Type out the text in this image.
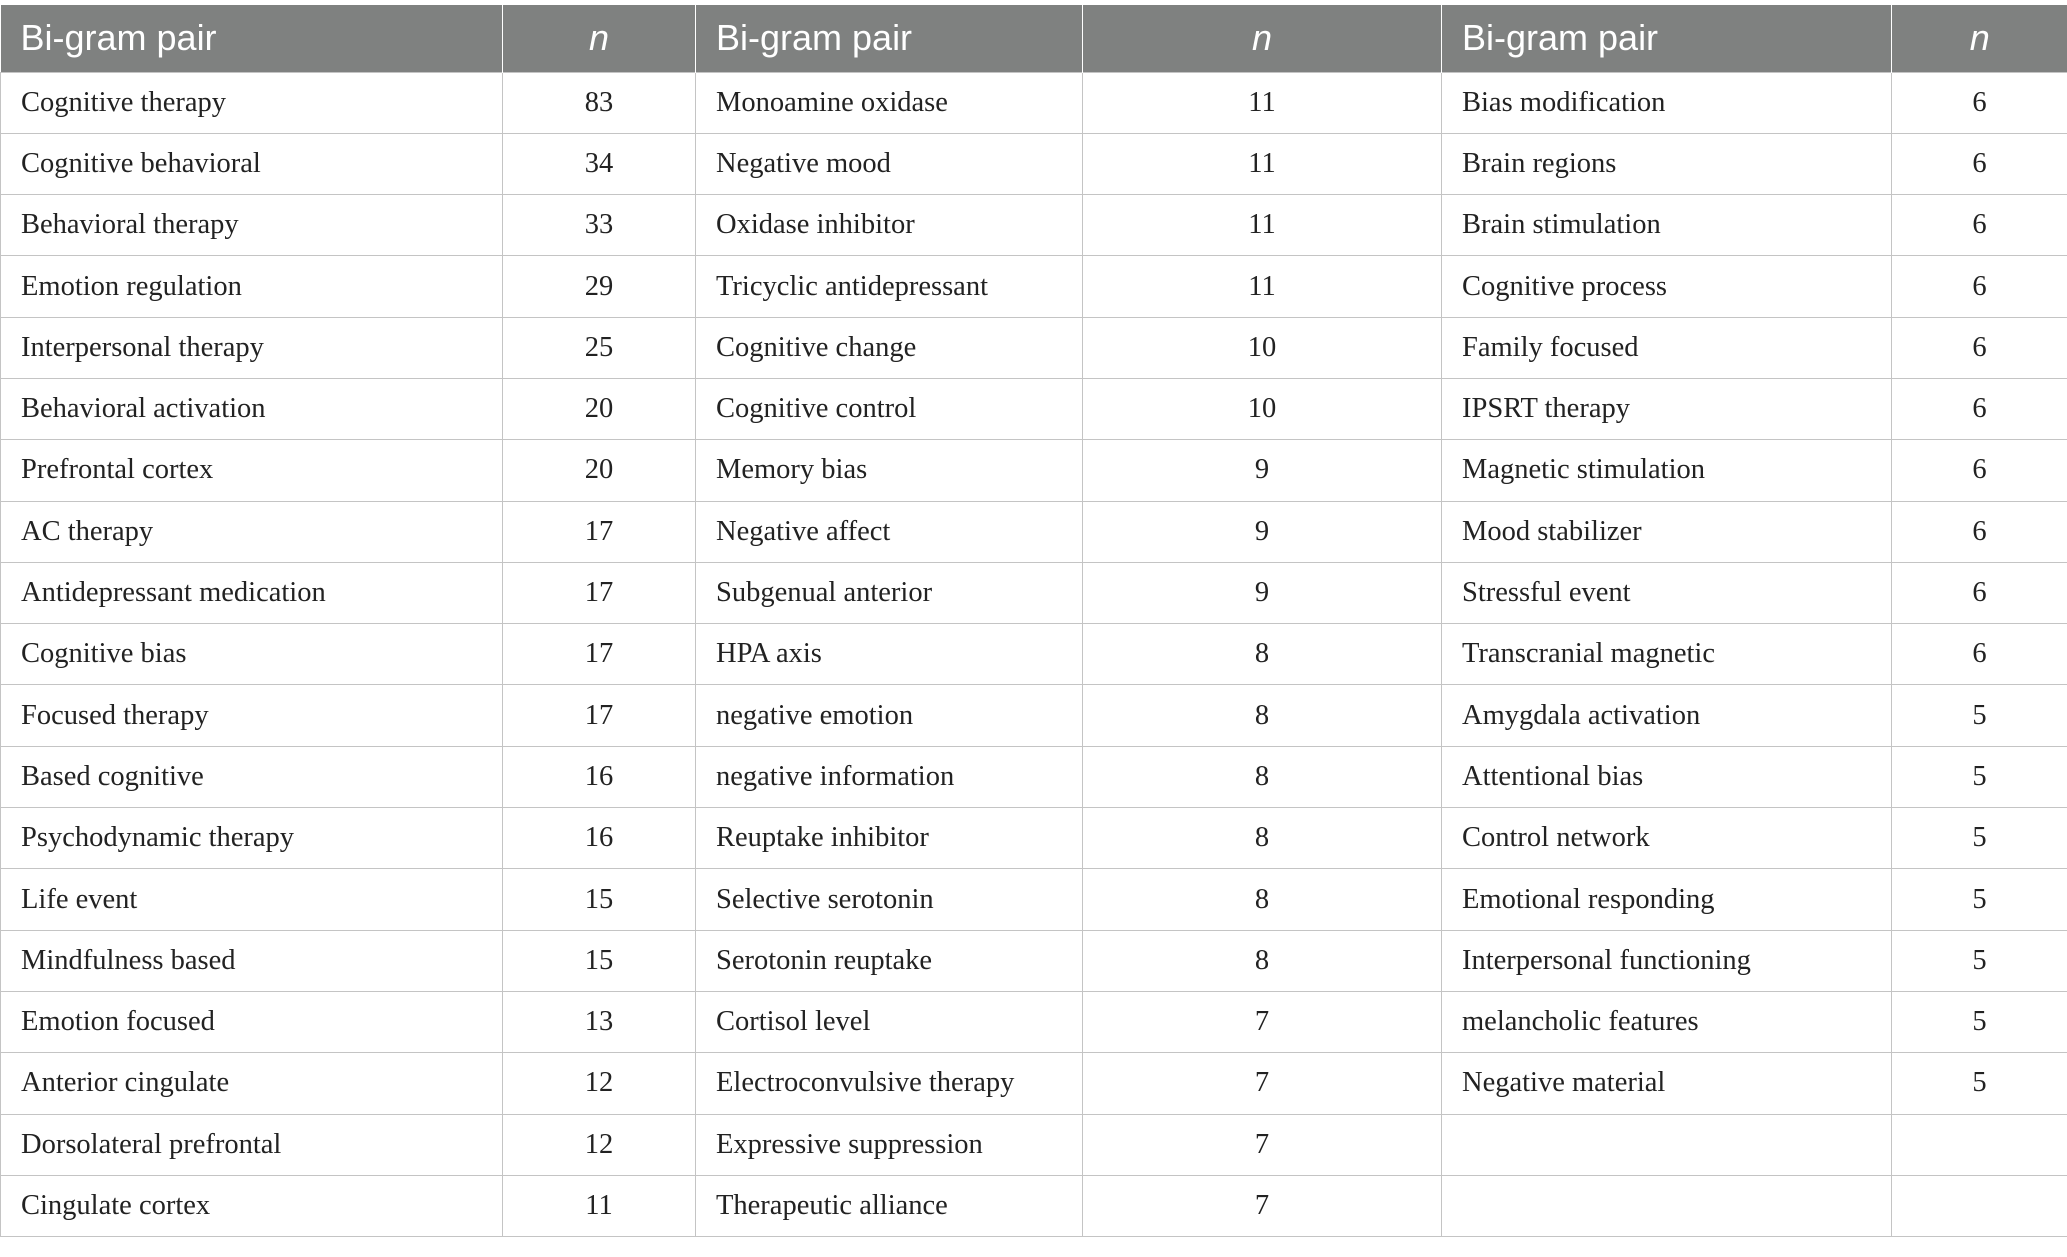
Bi-gram pair	n	Bi-gram pair	n	Bi-gram pair	n
Cognitive therapy	83	Monoamine oxidase	11	Bias modification	6
Cognitive behavioral	34	Negative mood	11	Brain regions	6
Behavioral therapy	33	Oxidase inhibitor	11	Brain stimulation	6
Emotion regulation	29	Tricyclic antidepressant	11	Cognitive process	6
Interpersonal therapy	25	Cognitive change	10	Family focused	6
Behavioral activation	20	Cognitive control	10	IPSRT therapy	6
Prefrontal cortex	20	Memory bias	9	Magnetic stimulation	6
AC therapy	17	Negative affect	9	Mood stabilizer	6
Antidepressant medication	17	Subgenual anterior	9	Stressful event	6
Cognitive bias	17	HPA axis	8	Transcranial magnetic	6
Focused therapy	17	negative emotion	8	Amygdala activation	5
Based cognitive	16	negative information	8	Attentional bias	5
Psychodynamic therapy	16	Reuptake inhibitor	8	Control network	5
Life event	15	Selective serotonin	8	Emotional responding	5
Mindfulness based	15	Serotonin reuptake	8	Interpersonal functioning	5
Emotion focused	13	Cortisol level	7	melancholic features	5
Anterior cingulate	12	Electroconvulsive therapy	7	Negative material	5
Dorsolateral prefrontal	12	Expressive suppression	7		
Cingulate cortex	11	Therapeutic alliance	7		
